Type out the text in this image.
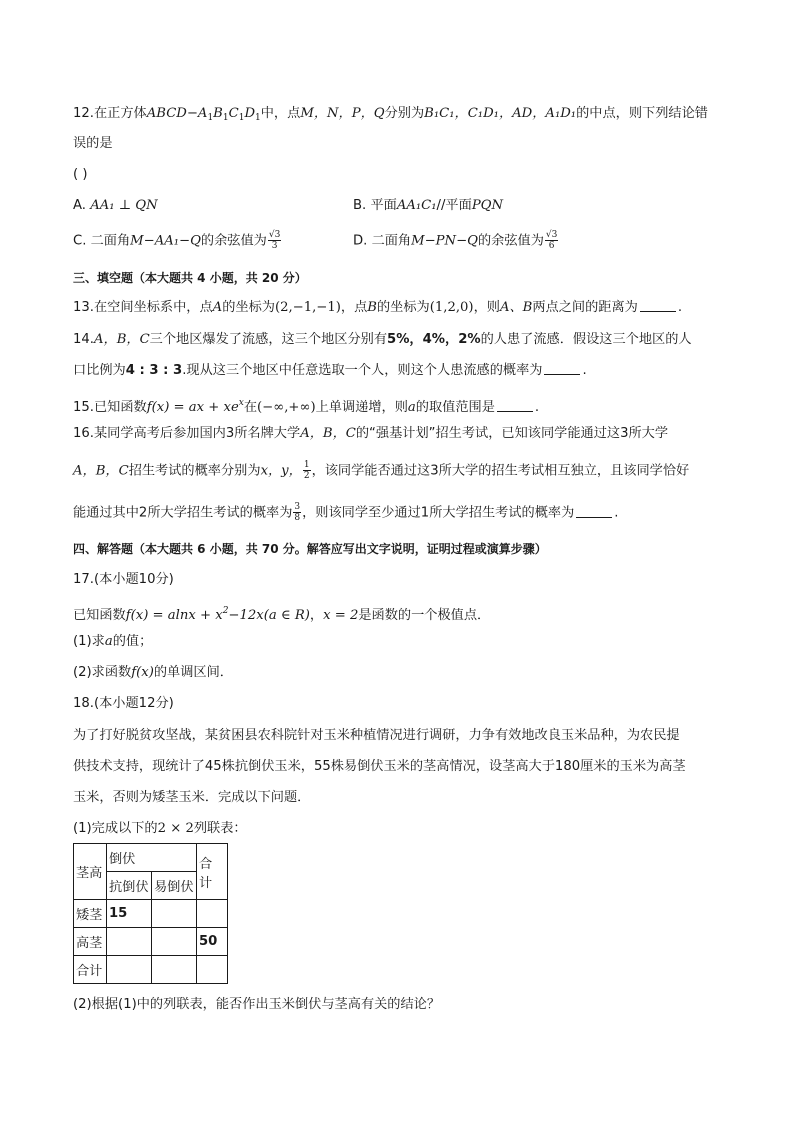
12.在正方体$ABCD-A_1B_1C_1D_1$中，点M，N，P，Q分别为B₁C₁，C₁D₁，AD，A₁D₁的中点，则下列结论错
误的是
( )
A. AA₁ ⊥ QN	B. 平面AA₁C₁//平面PQN
C. 二面角M−AA₁−Q的余弦值为 $\frac{√3}{3}$	D. 二面角M−PN−Q的余弦值为 $\frac{√3}{6}$
三、填空题（本大题共 4 小题，共 20 分）
13.在空间坐标系中，点A的坐标为(2,−1,−1)，点B的坐标为(1,2,0)，则A、B两点之间的距离为	.
14.A，B，C三个地区爆发了流感，这三个地区分别有5%，4%，2%的人患了流感．假设这三个地区的人
口比例为4 : 3 : 3.现从这三个地区中任意选取一个人，则这个人患流感的概率为	.
15.已知函数f(x) = ax + $xe^x$在(−∞,+∞)上单调递增，则a的取值范围是	.
16.某同学高考后参加国内3所名牌大学A，B，C的“强基计划”招生考试，已知该同学能通过这3所大学
A，B，C招生考试的概率分别为x，y， $\frac{1}{2}$ ，该同学能否通过这3所大学的招生考试相互独立，且该同学恰好
能通过其中2所大学招生考试的概率为 $\frac{3}{8}$ ，则该同学至少通过1所大学招生考试的概率为	.
四、解答题（本大题共 6 小题，共 70 分。解答应写出文字说明，证明过程或演算步骤）
17.(本小题10分)
已知函数$f(x) = alnx + x^2-12x(a$ ∈ R)，x = 2是函数的一个极值点．
(1)求a的值；
(2)求函数f(x)的单调区间．
18.(本小题12分)
为了打好脱贫攻坚战，某贫困县农科院针对玉米种植情况进行调研，力争有效地改良玉米品种，为农民提
供技术支持，现统计了45株抗倒伏玉米，55株易倒伏玉米的茎高情况，设茎高大于180厘米的玉米为高茎
玉米，否则为矮茎玉米．完成以下问题．
(1)完成以下的2 × 2列联表：
茎高	倒伏		合计
	抗倒伏	易倒伏	
矮茎	15		
高茎			50
合计			
(2)根据(1)中的列联表，能否作出玉米倒伏与茎高有关的结论？
